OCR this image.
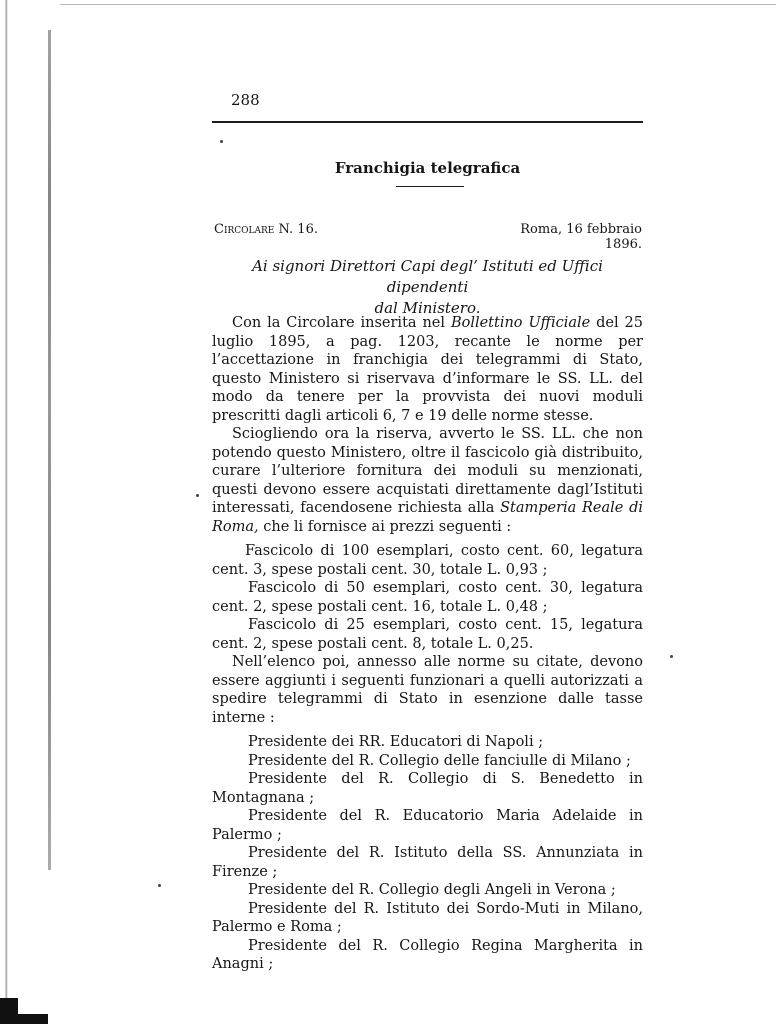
288

Franchigia telegrafica
Circolare N. 16.	Roma, 16 febbraio 1896.

Ai signori Direttori Capi degl’ Istituti ed Uffici dipendenti
dal Ministero.

Con la Circolare inserita nel Bollettino Ufficiale del 25 luglio 1895, a pag. 1203, recante le norme per l’accettazione in franchigia dei telegrammi di Stato, questo Ministero si riservava d’informare le SS. LL. del modo da tenere per la provvista dei nuovi moduli prescritti dagli articoli 6, 7 e 19 delle norme stesse.

Sciogliendo ora la riserva, avverto le SS. LL. che non potendo questo Ministero, oltre il fascicolo già distribuito, curare l’ulteriore fornitura dei moduli su menzionati, questi devono essere acquistati direttamente dagl’Istituti interessati, facendosene richiesta alla Stamperia Reale di Roma, che li fornisce ai prezzi seguenti :

Fascicolo di 100 esemplari, costo cent. 60, legatura cent. 3, spese postali cent. 30, totale L. 0,93 ;

Fascicolo di 50 esemplari, costo cent. 30, legatura cent. 2, spese postali cent. 16, totale L. 0,48 ;

Fascicolo di 25 esemplari, costo cent. 15, legatura cent. 2, spese postali cent. 8, totale L. 0,25.

Nell’elenco poi, annesso alle norme su citate, devono essere aggiunti i seguenti funzionari a quelli autorizzati a spedire telegrammi di Stato in esenzione dalle tasse interne :

Presidente dei RR. Educatori di Napoli ;
Presidente del R. Collegio delle fanciulle di Milano ;
Presidente del R. Collegio di S. Benedetto in Montagnana ;
Presidente del R. Educatorio Maria Adelaide in Palermo ;
Presidente del R. Istituto della SS. Annunziata in Firenze ;
Presidente del R. Collegio degli Angeli in Verona ;
Presidente del R. Istituto dei Sordo-Muti in Milano, Palermo e Roma ;
Presidente del R. Collegio Regina Margherita in Anagni ;
